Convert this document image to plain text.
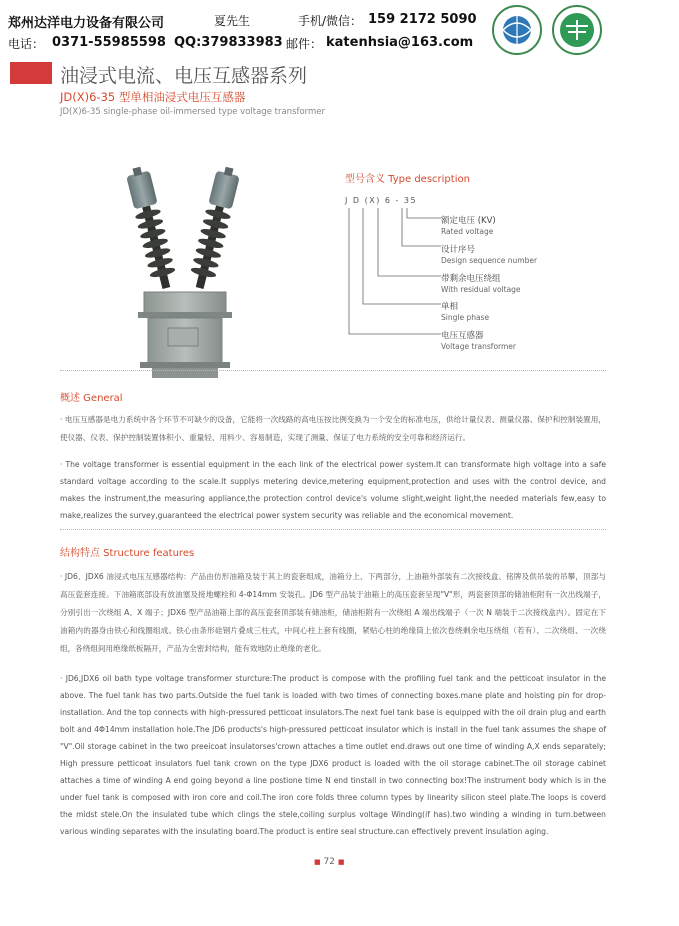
郑州达洋电力设备有限公司	夏先生	手机/微信： 159 2172 5090
电话： 0371-55985598 QQ:379833983 邮件： katenhsia@163.com
油浸式电流、电压互感器系列
JD(X)6-35 型单相油浸式电压互感器
JD(X)6-35 single-phase oil-immersed type voltage transformer
型号含义 Type description
J D (X) 6 - 35
额定电压 (KV)
Rated voltage
设计序号
Design sequence number
带剩余电压绕组
With residual voltage
单相
Single phase
电压互感器
Voltage transformer
概述 General
· 电压互感器是电力系统中各个环节不可缺少的设备，它能将一次线路的高电压按比例变换为一个安全的标准电压，供给计量仪表、测量仪器、保护和控制装置用，使仪器、仪表、保护控制装置体积小、重量轻、用料少、容易制造，实现了测量、保证了电力系统的安全可靠和经济运行。
· The voltage transformer is essential equipment in the each link of the electrical power system.It can transformate high voltage into a safe standard voltage according to the scale.It supplys metering device,metering equipment,protection and uses with the control device, and makes the instrument,the measuring appliance,the protection control device's volume slight,weight light,the needed materials few,easy to make,realizes the survey,guaranteed the electrical power system security was reliable and the economical movement.
结构特点 Structure features
· JD6、JDX6 油浸式电压互感器结构：产品由仿形油箱及装于其上的瓷套组成，油箱分上、下两部分，上油箱外部装有二次接线盒、铭牌及供吊装的吊攀，顶部与高压瓷套连接。下油箱底部设有放油塞及接地螺栓和 4-Φ14mm 安装孔。JD6 型产品装于油箱上的高压瓷套呈现"V"形，两瓷套顶部的储油柜附有一次出线端子，分别引出一次绕组 A、X 端子；JDX6 型产品油箱上部的高压瓷套顶部装有储油柜，储油柜附有一次绕组 A 端出线端子（一次 N 端装于二次接线盒内）。固定在下油箱内的器身由铁心和线圈组成。铁心由条形硅钢片叠成三柱式，中间心柱上套有线圈，紧贴心柱的绝缘筒上依次卷绕剩余电压绕组（若有）、二次绕组、一次绕组，各绕组间用绝缘纸板隔开，产品为全密封结构，能有效地防止绝缘的老化。
· JD6,JDX6 oil bath type voltage transformer sturcture:The product is compose with the profiling fuel tank and the petticoat insulator in the above. The fuel tank has two parts.Outside the fuel tank is loaded with two times of connecting boxes.mane plate and hoisting pin for drop-installation. And the top connects with high-pressured petticoat insulators.The next fuel tank base is equipped with the oil drain plug and earth bolt and 4Φ14mm installation hole.The JD6 products's high-pressured petticoat insulator which is install in the fuel tank assumes the shape of "V".Oil storage cabinet in the two preeicoat insulatorses'crown attaches a time outlet end.draws out one time of winding A,X ends separately; High pressure petticoat insulators fuel tank crown on the type JDX6 product is loaded with the oil storage cabinet.The oil storage cabinet attaches a time of winding A end going beyond a line postione time N end tinstall in two connecting box!The instrument body which is in the under fuel tank is composed with iron core and coil.The iron core folds three column types by linearity silicon steel plate.The loops is coverd the midst stele.On the insulated tube which clings the stele,coiling surplus voltage Winding(if has).two winding a winding in turn.between various winding separates with the insulating board.The product is entire seal structure.can effectively prevent insulation aging.
■ 72 ■
